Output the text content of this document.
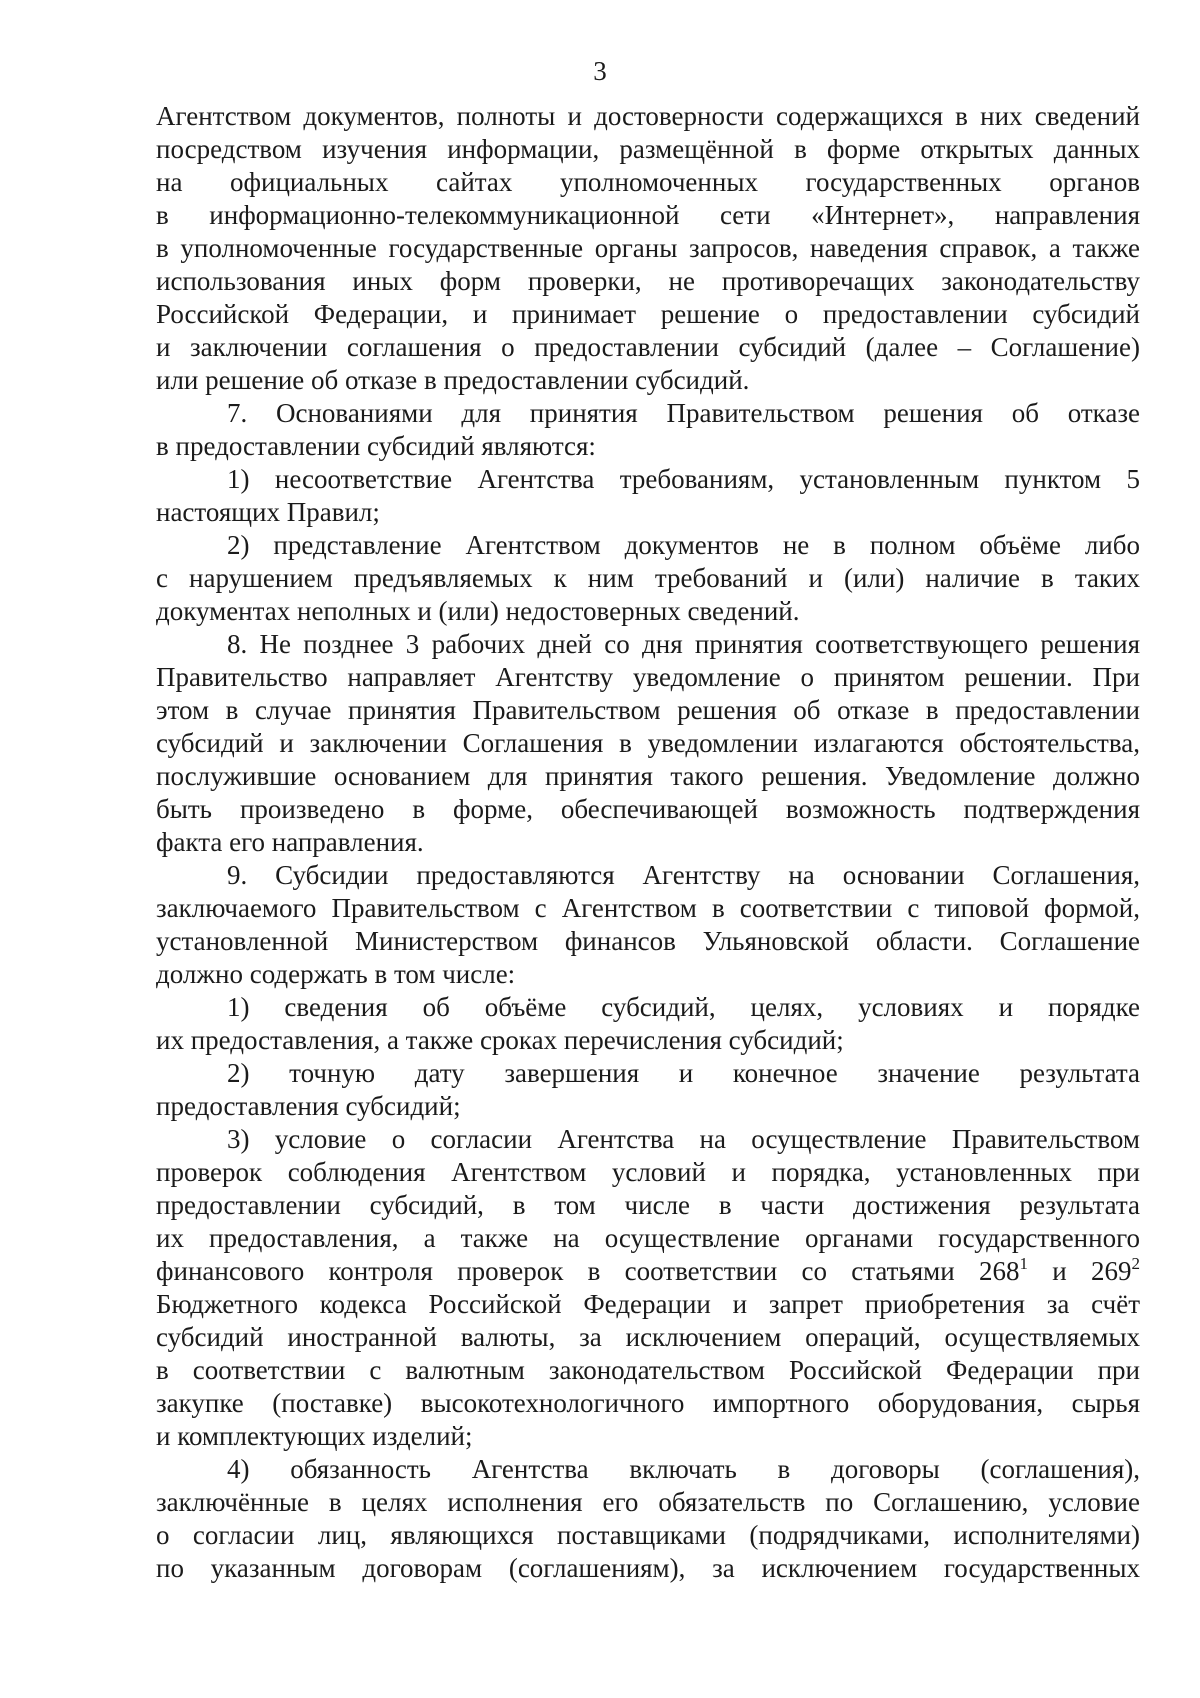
3

Агентством документов, полноты и достоверности содержащихся в них сведений

посредством изучения информации, размещённой в форме открытых данных

на официальных сайтах уполномоченных государственных органов

в информационно-телекоммуникационной сети «Интернет», направления

в уполномоченные государственные органы запросов, наведения справок, а также

использования иных форм проверки, не противоречащих законодательству

Российской Федерации, и принимает решение о предоставлении субсидий

и заключении соглашения о предоставлении субсидий (далее – Соглашение)

или решение об отказе в предоставлении субсидий.

7. Основаниями для принятия Правительством решения об отказе

в предоставлении субсидий являются:

1) несоответствие Агентства требованиям, установленным пунктом 5

настоящих Правил;

2) представление Агентством документов не в полном объёме либо

с нарушением предъявляемых к ним требований и (или) наличие в таких

документах неполных и (или) недостоверных сведений.

8. Не позднее 3 рабочих дней со дня принятия соответствующего решения

Правительство направляет Агентству уведомление о принятом решении. При

этом в случае принятия Правительством решения об отказе в предоставлении

субсидий и заключении Соглашения в уведомлении излагаются обстоятельства,

послужившие основанием для принятия такого решения. Уведомление должно

быть произведено в форме, обеспечивающей возможность подтверждения

факта его направления.

9. Субсидии предоставляются Агентству на основании Соглашения,

заключаемого Правительством с Агентством в соответствии с типовой формой,

установленной Министерством финансов Ульяновской области. Соглашение

должно содержать в том числе:

1) сведения об объёме субсидий, целях, условиях и порядке

их предоставления, а также сроках перечисления субсидий;

2) точную дату завершения и конечное значение результата

предоставления субсидий;

3) условие о согласии Агентства на осуществление Правительством

проверок соблюдения Агентством условий и порядка, установленных при

предоставлении субсидий, в том числе в части достижения результата

их предоставления, а также на осуществление органами государственного

финансового контроля проверок в соответствии со статьями $268^1$ и $269^2$

Бюджетного кодекса Российской Федерации и запрет приобретения за счёт

субсидий иностранной валюты, за исключением операций, осуществляемых

в соответствии с валютным законодательством Российской Федерации при

закупке (поставке) высокотехнологичного импортного оборудования, сырья

и комплектующих изделий;

4) обязанность Агентства включать в договоры (соглашения),

заключённые в целях исполнения его обязательств по Соглашению, условие

о согласии лиц, являющихся поставщиками (подрядчиками, исполнителями)

по указанным договорам (соглашениям), за исключением государственных
